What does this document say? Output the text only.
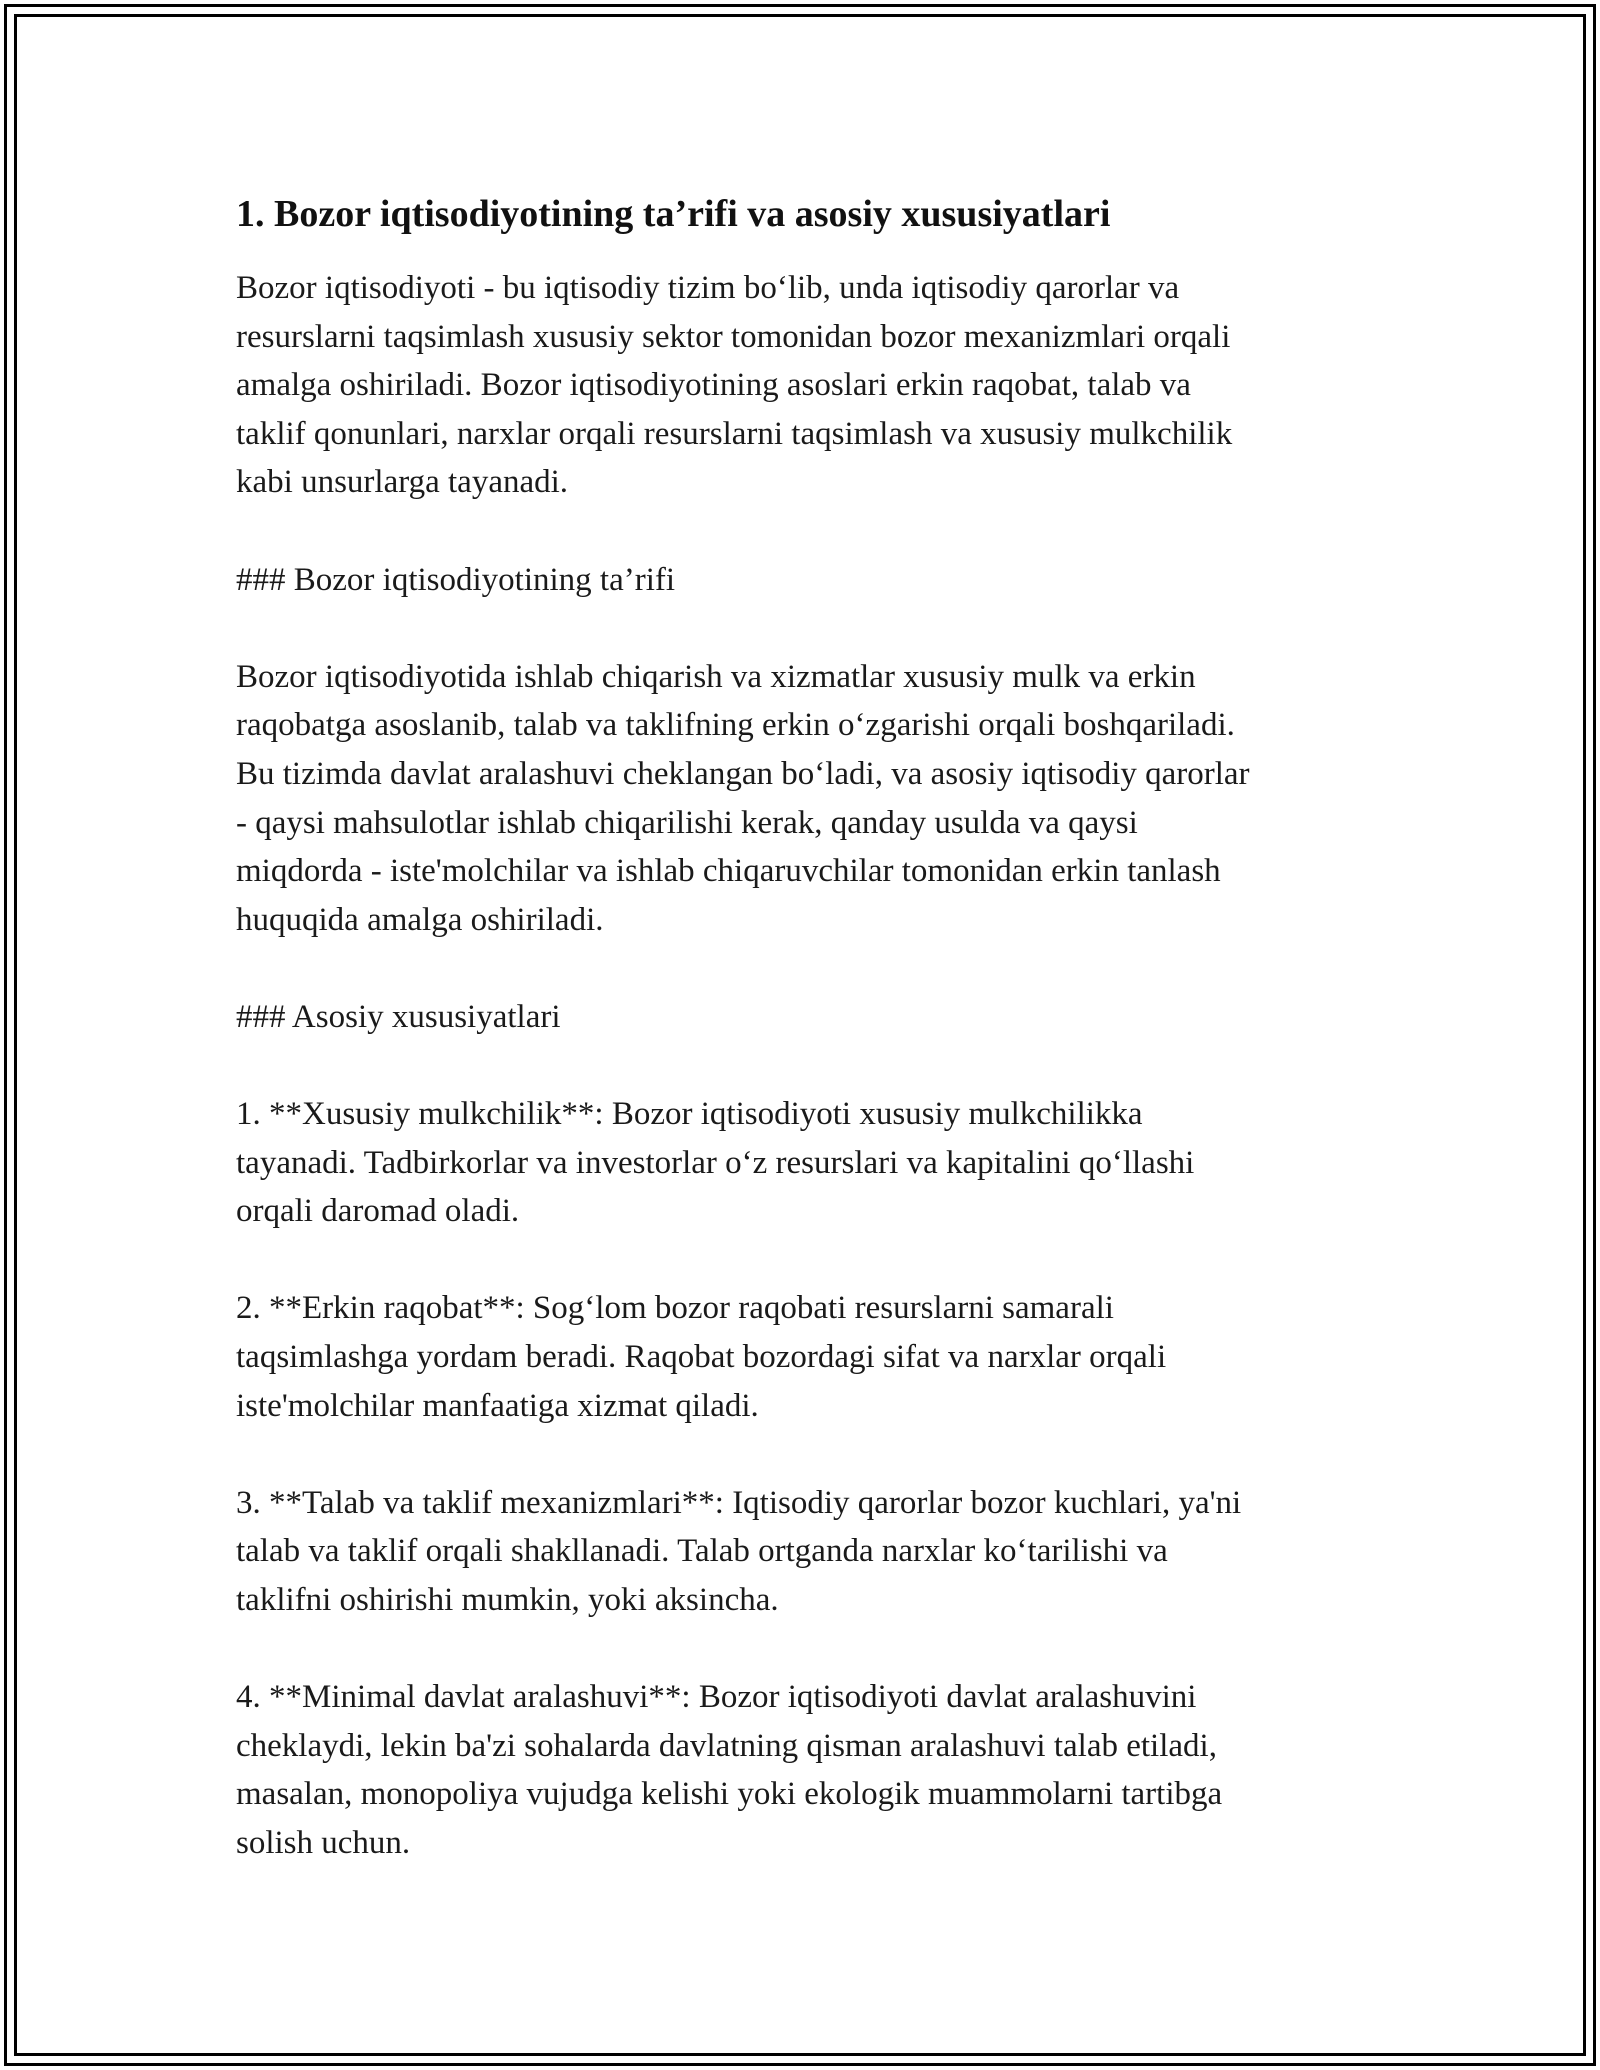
1. Bozor iqtisodiyotining ta’rifi va asosiy xususiyatlari

Bozor iqtisodiyoti - bu iqtisodiy tizim bo‘lib, unda iqtisodiy qarorlar va
resurslarni taqsimlash xususiy sektor tomonidan bozor mexanizmlari orqali
amalga oshiriladi. Bozor iqtisodiyotining asoslari erkin raqobat, talab va
taklif qonunlari, narxlar orqali resurslarni taqsimlash va xususiy mulkchilik
kabi unsurlarga tayanadi.

### Bozor iqtisodiyotining ta’rifi

Bozor iqtisodiyotida ishlab chiqarish va xizmatlar xususiy mulk va erkin
raqobatga asoslanib, talab va taklifning erkin o‘zgarishi orqali boshqariladi.
Bu tizimda davlat aralashuvi cheklangan bo‘ladi, va asosiy iqtisodiy qarorlar
- qaysi mahsulotlar ishlab chiqarilishi kerak, qanday usulda va qaysi
miqdorda - iste'molchilar va ishlab chiqaruvchilar tomonidan erkin tanlash
huquqida amalga oshiriladi.

### Asosiy xususiyatlari

1. **Xususiy mulkchilik**: Bozor iqtisodiyoti xususiy mulkchilikka
tayanadi. Tadbirkorlar va investorlar o‘z resurslari va kapitalini qo‘llashi
orqali daromad oladi.

2. **Erkin raqobat**: Sog‘lom bozor raqobati resurslarni samarali
taqsimlashga yordam beradi. Raqobat bozordagi sifat va narxlar orqali
iste'molchilar manfaatiga xizmat qiladi.

3. **Talab va taklif mexanizmlari**: Iqtisodiy qarorlar bozor kuchlari, ya'ni
talab va taklif orqali shakllanadi. Talab ortganda narxlar ko‘tarilishi va
taklifni oshirishi mumkin, yoki aksincha.

4. **Minimal davlat aralashuvi**: Bozor iqtisodiyoti davlat aralashuvini
cheklaydi, lekin ba'zi sohalarda davlatning qisman aralashuvi talab etiladi,
masalan, monopoliya vujudga kelishi yoki ekologik muammolarni tartibga
solish uchun.
